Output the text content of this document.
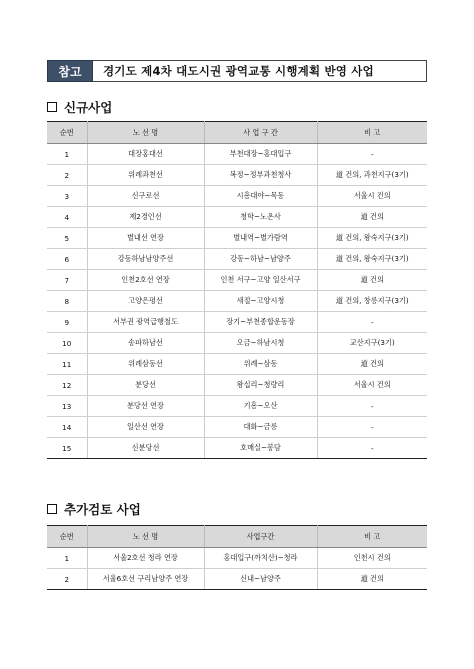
참고	경기도 제4차 대도시권 광역교통 시행계획 반영 사업
신규사업
순번	노 선 명	사 업 구 간	비 고
1	대장홍대선	부천대장~홍대입구	-
2	위례과천선	복정~정부과천청사	道 건의, 과천지구(3기)
3	신구로선	시흥대야~목동	서울시 건의
4	제2경인선	청학~노온사	道 건의
5	별내선 연장	별내역~별가람역	道 건의, 왕숙지구(3기)
6	강동하남남양주선	강동~하남~남양주	道 건의, 왕숙지구(3기)
7	인천2호선 연장	인천 서구~고양 일산서구	道 건의
8	고양은평선	새절~고양시청	道 건의, 창릉지구(3기)
9	서부권 광역급행철도	장기~부천종합운동장	-
10	송파하남선	오금~하남시청	교산지구(3기)
11	위례삼동선	위례~삼동	道 건의
12	분당선	왕십리~청량리	서울시 건의
13	분당선 연장	기흥~오산	-
14	일산선 연장	대화~금릉	-
15	신분당선	호매실~봉담	-
추가검토 사업
순번	노 선 명	사업구간	비 고
1	서울2호선 청라 연장	홍대입구(까치산)~청라	인천시 건의
2	서울6호선 구리남양주 연장	신내~남양주	道 건의
